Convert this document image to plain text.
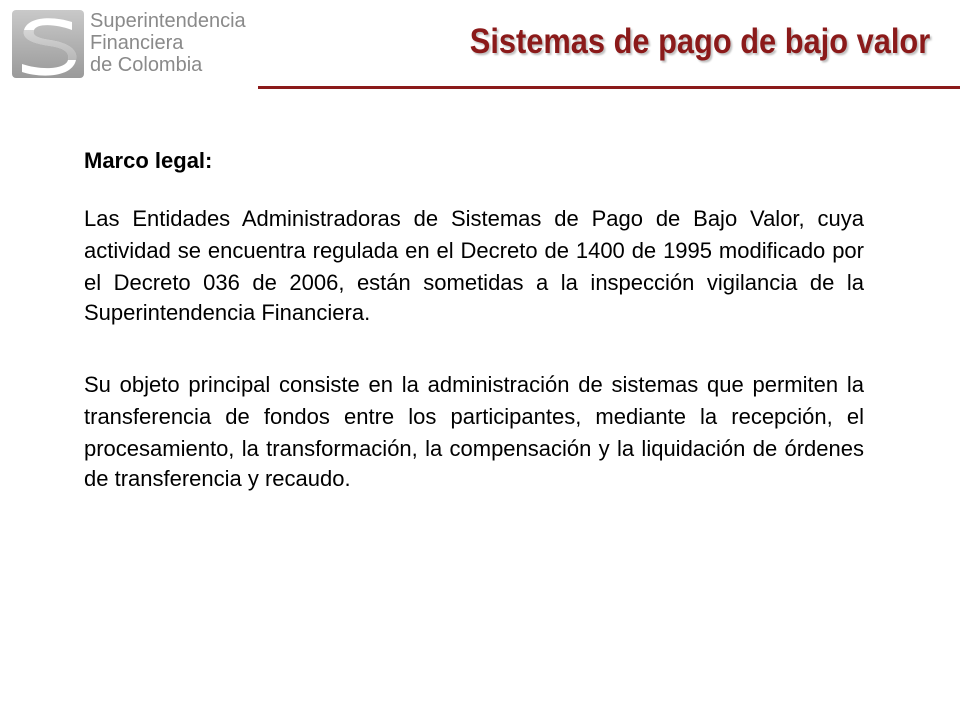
Superintendencia
Financiera
de Colombia
Sistemas de pago de bajo valor
Marco legal:

Las Entidades Administradoras de Sistemas de Pago de Bajo Valor, cuya actividad se encuentra regulada en el Decreto de 1400 de 1995 modificado por el Decreto 036 de 2006, están sometidas a la inspección vigilancia de la Superintendencia Financiera.

Su objeto principal consiste en la administración de sistemas que permiten la transferencia de fondos entre los participantes, mediante la recepción, el procesamiento, la transformación, la compensación y la liquidación de órdenes de transferencia y recaudo.
